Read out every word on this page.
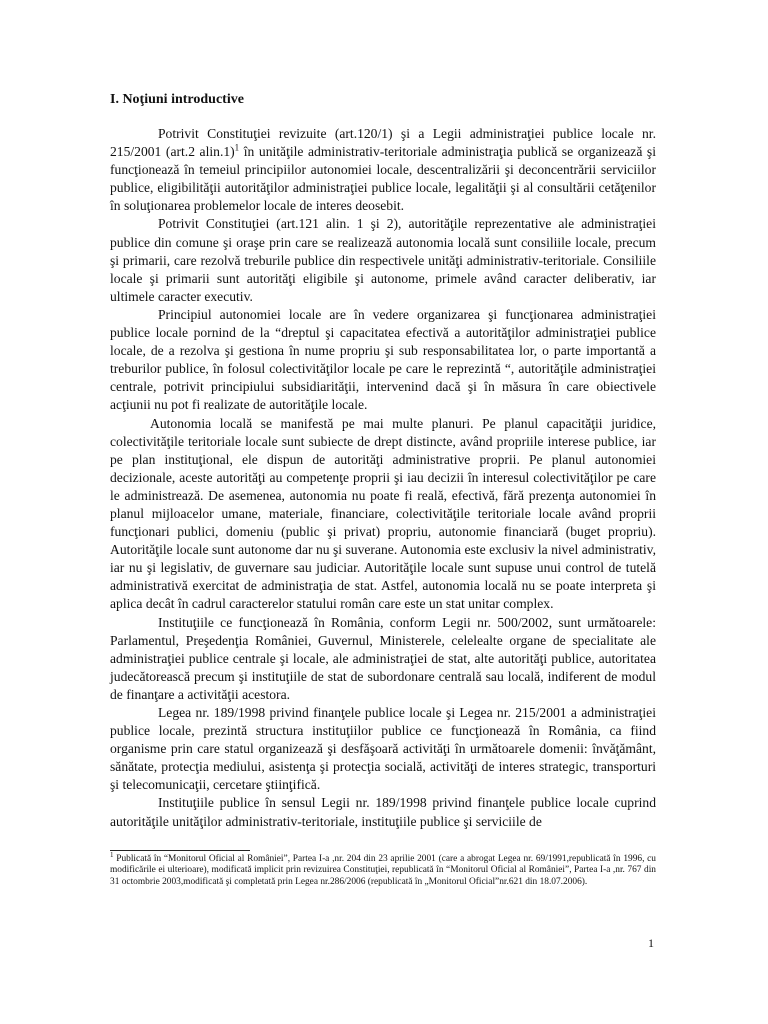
I. Noţiuni introductive

Potrivit Constituţiei revizuite (art.120/1) şi a Legii administraţiei publice locale nr. 215/2001 (art.2 alin.1)$^1$ în unităţile administrativ-teritoriale administraţia publică se organizează şi funcţionează în temeiul principiilor autonomiei locale, descentralizării şi deconcentrării serviciilor publice, eligibilităţii autorităţilor administraţiei publice locale, legalităţii şi al consultării cetăţenilor în soluţionarea problemelor locale de interes deosebit.

Potrivit Constituţiei (art.121 alin. 1 şi 2), autorităţile reprezentative ale administraţiei publice din comune şi oraşe prin care se realizează autonomia locală sunt consiliile locale, precum şi primarii, care rezolvă treburile publice din respectivele unităţi administrativ-teritoriale. Consiliile locale şi primarii sunt autorităţi eligibile şi autonome, primele având caracter deliberativ, iar ultimele caracter executiv.

Principiul autonomiei locale are în vedere organizarea şi funcţionarea administraţiei publice locale pornind de la “dreptul şi capacitatea efectivă a autorităţilor administraţiei publice locale, de a rezolva şi gestiona în nume propriu şi sub responsabilitatea lor, o parte importantă a treburilor publice, în folosul colectivităţilor locale pe care le reprezintă “, autorităţile administraţiei centrale, potrivit principiului subsidiarităţii, intervenind dacă şi în măsura în care obiectivele acţiunii nu pot fi realizate de autorităţile locale.

Autonomia locală se manifestă pe mai multe planuri. Pe planul capacităţii juridice, colectivităţile teritoriale locale sunt subiecte de drept distincte, având propriile interese publice, iar pe plan instituţional, ele dispun de autorităţi administrative proprii. Pe planul autonomiei decizionale, aceste autorităţi au competenţe proprii şi iau decizii în interesul colectivităţilor pe care le administrează. De asemenea, autonomia nu poate fi reală, efectivă, fără prezenţa autonomiei în planul mijloacelor umane, materiale, financiare, colectivităţile teritoriale locale având proprii funcţionari publici, domeniu (public şi privat) propriu, autonomie financiară (buget propriu). Autorităţile locale sunt autonome dar nu şi suverane. Autonomia este exclusiv la nivel administrativ, iar nu şi legislativ, de guvernare sau judiciar. Autorităţile locale sunt supuse unui control de tutelă administrativă exercitat de administraţia de stat. Astfel, autonomia locală nu se poate interpreta şi aplica decât în cadrul caracterelor statului român care este un stat unitar complex.

Instituţiile ce funcţionează în România, conform Legii nr. 500/2002, sunt următoarele: Parlamentul, Preşedenţia României, Guvernul, Ministerele, celelealte organe de specialitate ale administraţiei publice centrale şi locale, ale administraţiei de stat, alte autorităţi publice, autoritatea judecătorească precum şi instituţiile de stat de subordonare centrală sau locală, indiferent de modul de finanţare a activităţii acestora.

Legea nr. 189/1998 privind finanţele publice locale şi Legea nr. 215/2001 a administraţiei publice locale, prezintă structura instituţiilor publice ce funcţionează în România, ca fiind organisme prin care statul organizează şi desfăşoară activităţi în următoarele domenii: învăţământ, sănătate, protecţia mediului, asistenţa şi protecţia socială, activităţi de interes strategic, transporturi şi telecomunicaţii, cercetare ştiinţifică.

Instituţiile publice în sensul Legii nr. 189/1998 privind finanţele publice locale cuprind autorităţile unităţilor administrativ-teritoriale, instituţiile publice şi serviciile de

$^1$ Publicată în “Monitorul Oficial al României”, Partea I-a ,nr. 204 din 23 aprilie 2001 (care a abrogat Legea nr. 69/1991,republicată în 1996, cu modificările ei ulterioare), modificată implicit prin revizuirea Constituţiei, republicată în “Monitorul Oficial al României”, Partea I-a ,nr. 767 din 31 octombrie 2003,modificată şi completată prin Legea nr.286/2006 (republicată în „Monitorul Oficial”nr.621 din 18.07.2006).
1
